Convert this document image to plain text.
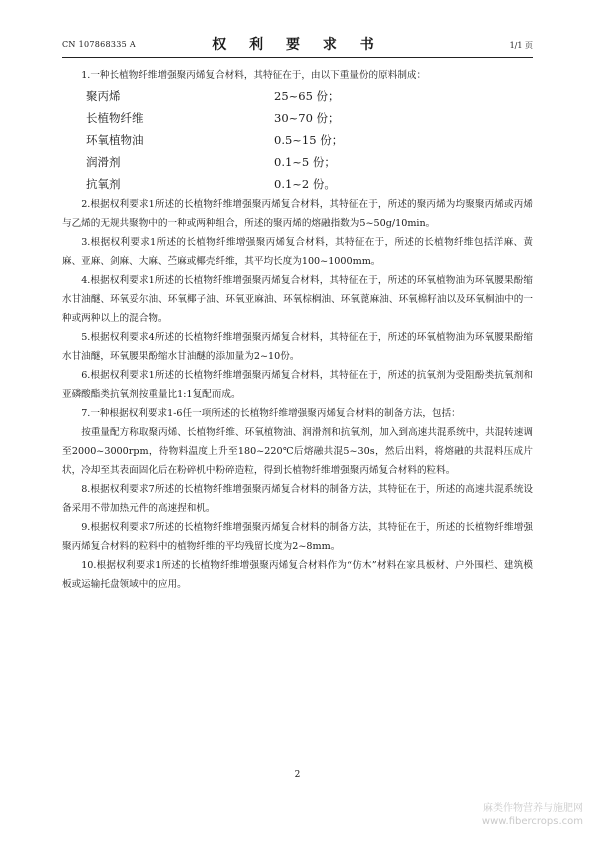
CN 107868335 A	权 利 要 求 书	1/1 页

1.一种长植物纤维增强聚丙烯复合材料，其特征在于，由以下重量份的原料制成：

聚丙烯	25~65 份；
长植物纤维	30~70 份；
环氧植物油	0.5~15 份；
润滑剂	0.1~5 份；
抗氧剂	0.1~2 份。

2.根据权利要求1所述的长植物纤维增强聚丙烯复合材料，其特征在于，所述的聚丙烯为均聚聚丙烯或丙烯与乙烯的无规共聚物中的一种或两种组合，所述的聚丙烯的熔融指数为5~50g/10min。

3.根据权利要求1所述的长植物纤维增强聚丙烯复合材料，其特征在于，所述的长植物纤维包括洋麻、黄麻、亚麻、剑麻、大麻、苎麻或椰壳纤维，其平均长度为100~1000mm。

4.根据权利要求1所述的长植物纤维增强聚丙烯复合材料，其特征在于，所述的环氧植物油为环氧腰果酚缩水甘油醚、环氧妥尔油、环氧椰子油、环氧亚麻油、环氧棕榈油、环氧蓖麻油、环氧棉籽油以及环氧桐油中的一种或两种以上的混合物。

5.根据权利要求4所述的长植物纤维增强聚丙烯复合材料，其特征在于，所述的环氧植物油为环氧腰果酚缩水甘油醚，环氧腰果酚缩水甘油醚的添加量为2~10份。

6.根据权利要求1所述的长植物纤维增强聚丙烯复合材料，其特征在于，所述的抗氧剂为受阻酚类抗氧剂和亚磷酸酯类抗氧剂按重量比1:1复配而成。

7.一种根据权利要求1-6任一项所述的长植物纤维增强聚丙烯复合材料的制备方法，包括：

按重量配方称取聚丙烯、长植物纤维、环氧植物油、润滑剂和抗氧剂，加入到高速共混系统中，共混转速调至2000~3000rpm，待物料温度上升至180~220℃后熔融共混5~30s，然后出料，将熔融的共混料压成片状，冷却至其表面固化后在粉碎机中粉碎造粒，得到长植物纤维增强聚丙烯复合材料的粒料。

8.根据权利要求7所述的长植物纤维增强聚丙烯复合材料的制备方法，其特征在于，所述的高速共混系统设备采用不带加热元件的高速捏和机。

9.根据权利要求7所述的长植物纤维增强聚丙烯复合材料的制备方法，其特征在于，所述的长植物纤维增强聚丙烯复合材料的粒料中的植物纤维的平均残留长度为2~8mm。

10.根据权利要求1所述的长植物纤维增强聚丙烯复合材料作为“仿木”材料在家具板材、户外围栏、建筑模板或运输托盘领域中的应用。

2
麻类作物营养与施肥网
www.fibercrops.com
